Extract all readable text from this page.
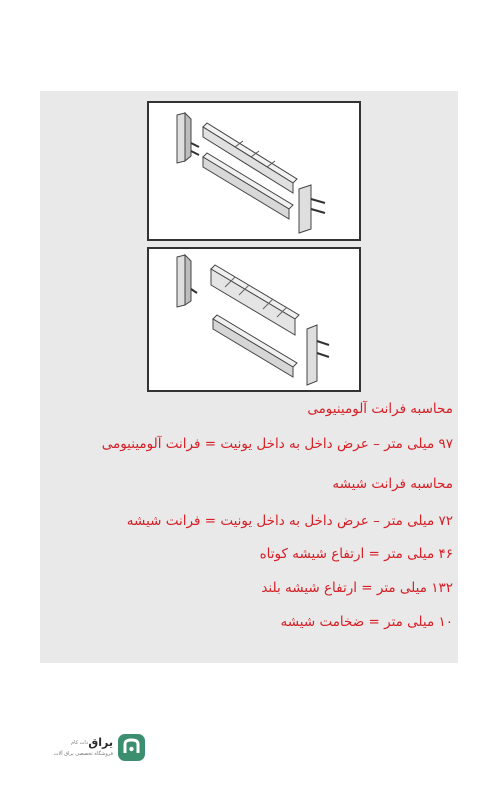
محاسبه فرانت آلومینیومی
۹۷ میلی متر – عرض داخل به داخل یونیت = فرانت آلومینیومی
محاسبه فرانت شیشه
۷۲ میلی متر – عرض داخل به داخل یونیت = فرانت شیشه
۴۶ میلی متر = ارتفاع شیشه کوتاه
۱۳۲ میلی متر = ارتفاع شیشه بلند
۱۰ میلی متر = ضخامت شیشه
یراق
دات کام
فروشگاه تخصصی یراق آلات
